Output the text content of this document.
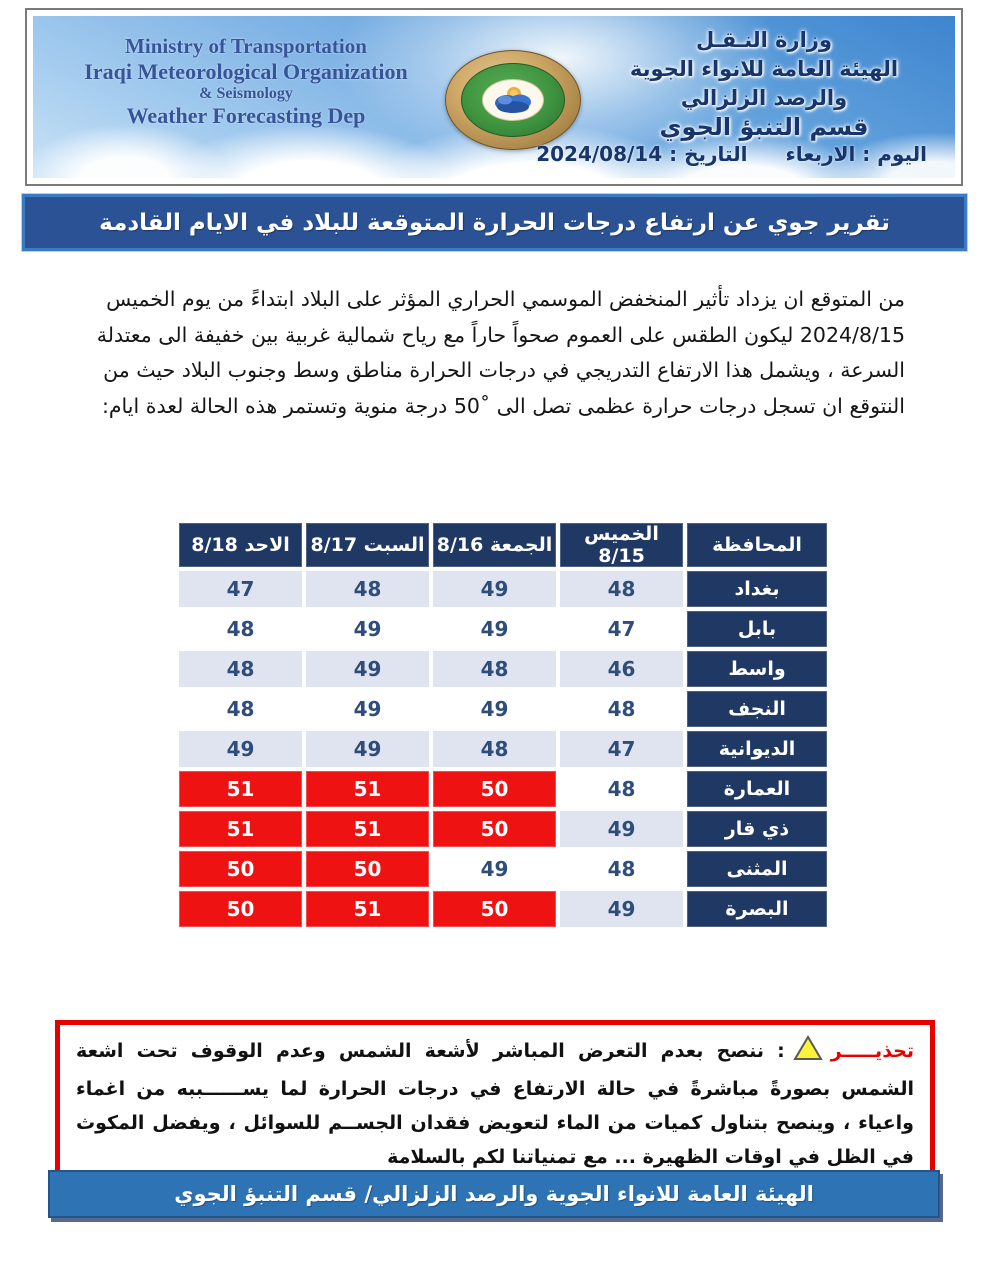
Ministry of Transportation
Iraqi Meteorological Organization
& Seismology
Weather Forecasting Dep
وزارة النـقـل
الهيئة العامة للانواء الجوية
والرصد الزلزالي
قسم التنبؤ الجوي
اليوم : الاربعاء
التاريخ : 2024/08/14
تقرير جوي عن ارتفاع درجات الحرارة المتوقعة للبلاد في الايام القادمة
من المتوقع ان يزداد تأثير المنخفض الموسمي الحراري المؤثر على البلاد ابتداءً من يوم الخميس
2024/8/15 ليكون الطقس على العموم صحواً حاراً مع رياح شمالية غربية بين خفيفة الى معتدلة
السرعة ، ويشمل هذا الارتفاع التدريجي في درجات الحرارة مناطق وسط وجنوب البلاد حيث من
النتوقع ان تسجل درجات حرارة عظمى تصل الى ˚50 درجة منوية وتستمر هذه الحالة لعدة ايام:
المحافظة	الخميس 8/15	الجمعة 8/16	السبت 8/17	الاحد 8/18
بغداد	48	49	48	47
بابل	47	49	49	48
واسط	46	48	49	48
النجف	48	49	49	48
الديوانية	47	48	49	49
العمارة	48	50	51	51
ذي قار	49	50	51	51
المثنى	48	49	50	50
البصرة	49	50	51	50
تحذيـــــر: ننصح بعدم التعرض المباشر لأشعة الشمس وعدم الوقوف تحت اشعة الشمس بصورةً مباشرةً في حالة الارتفاع في درجات الحرارة لما يســــــببه من اغماء واعياء ، وينصح بتناول كميات من الماء لتعويض فقدان الجســم للسوائل ، ويفضل المكوث في الظل في اوقات الظهيرة ... مع تمنياتنا لكم بالسلامة
الهيئة العامة للانواء الجوية والرصد الزلزالي/ قسم التنبؤ الجوي
